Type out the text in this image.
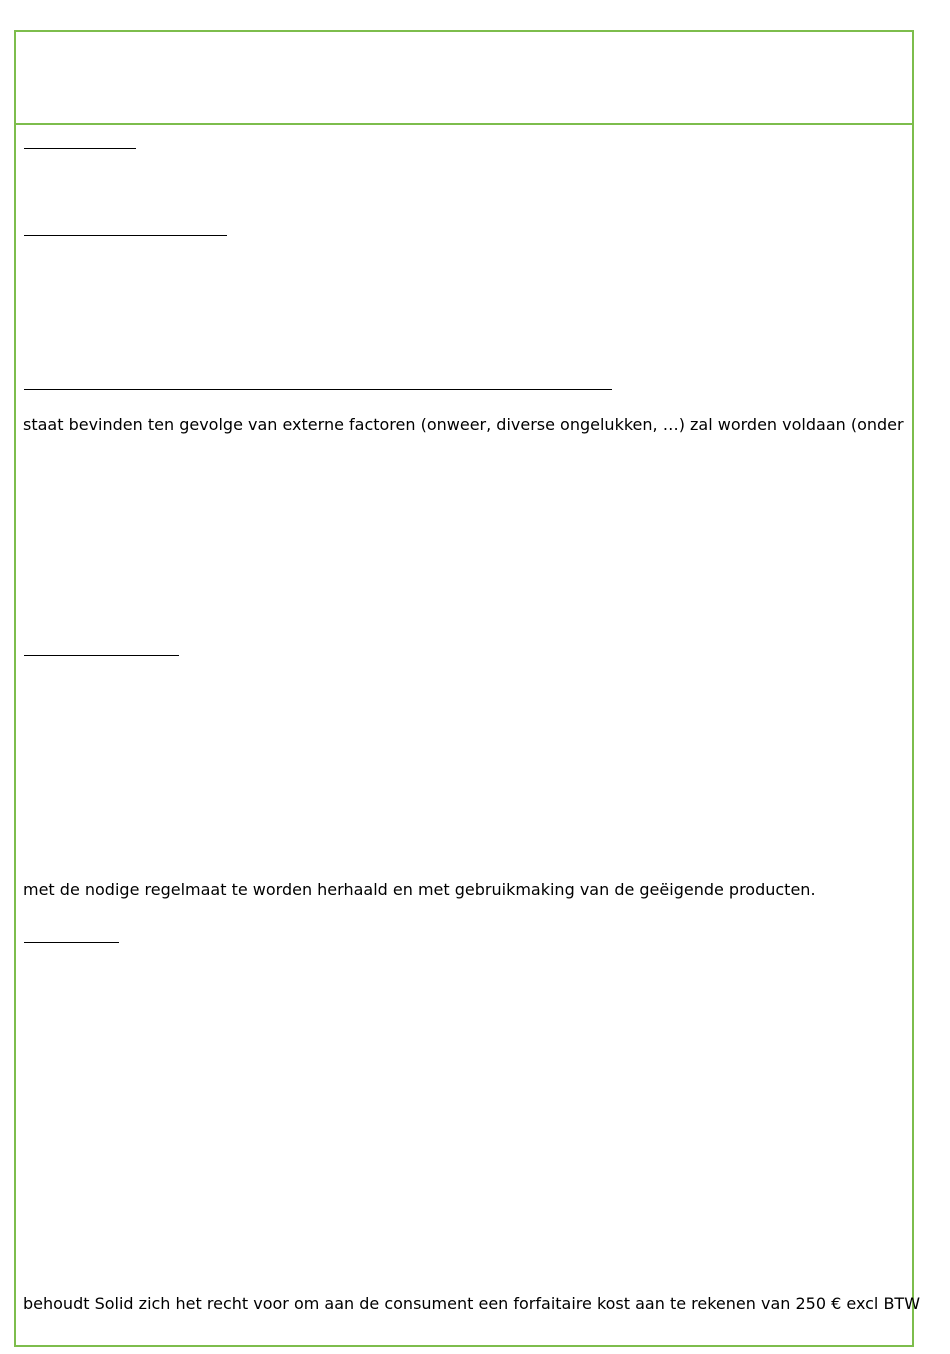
staat bevinden ten gevolge van externe factoren (onweer, diverse ongelukken, …) zal worden voldaan (onder
met de nodige regelmaat te worden herhaald en met gebruikmaking van de geëigende producten.
behoudt Solid zich het recht voor om aan de consument een forfaitaire kost aan te rekenen van 250 € excl BTW
